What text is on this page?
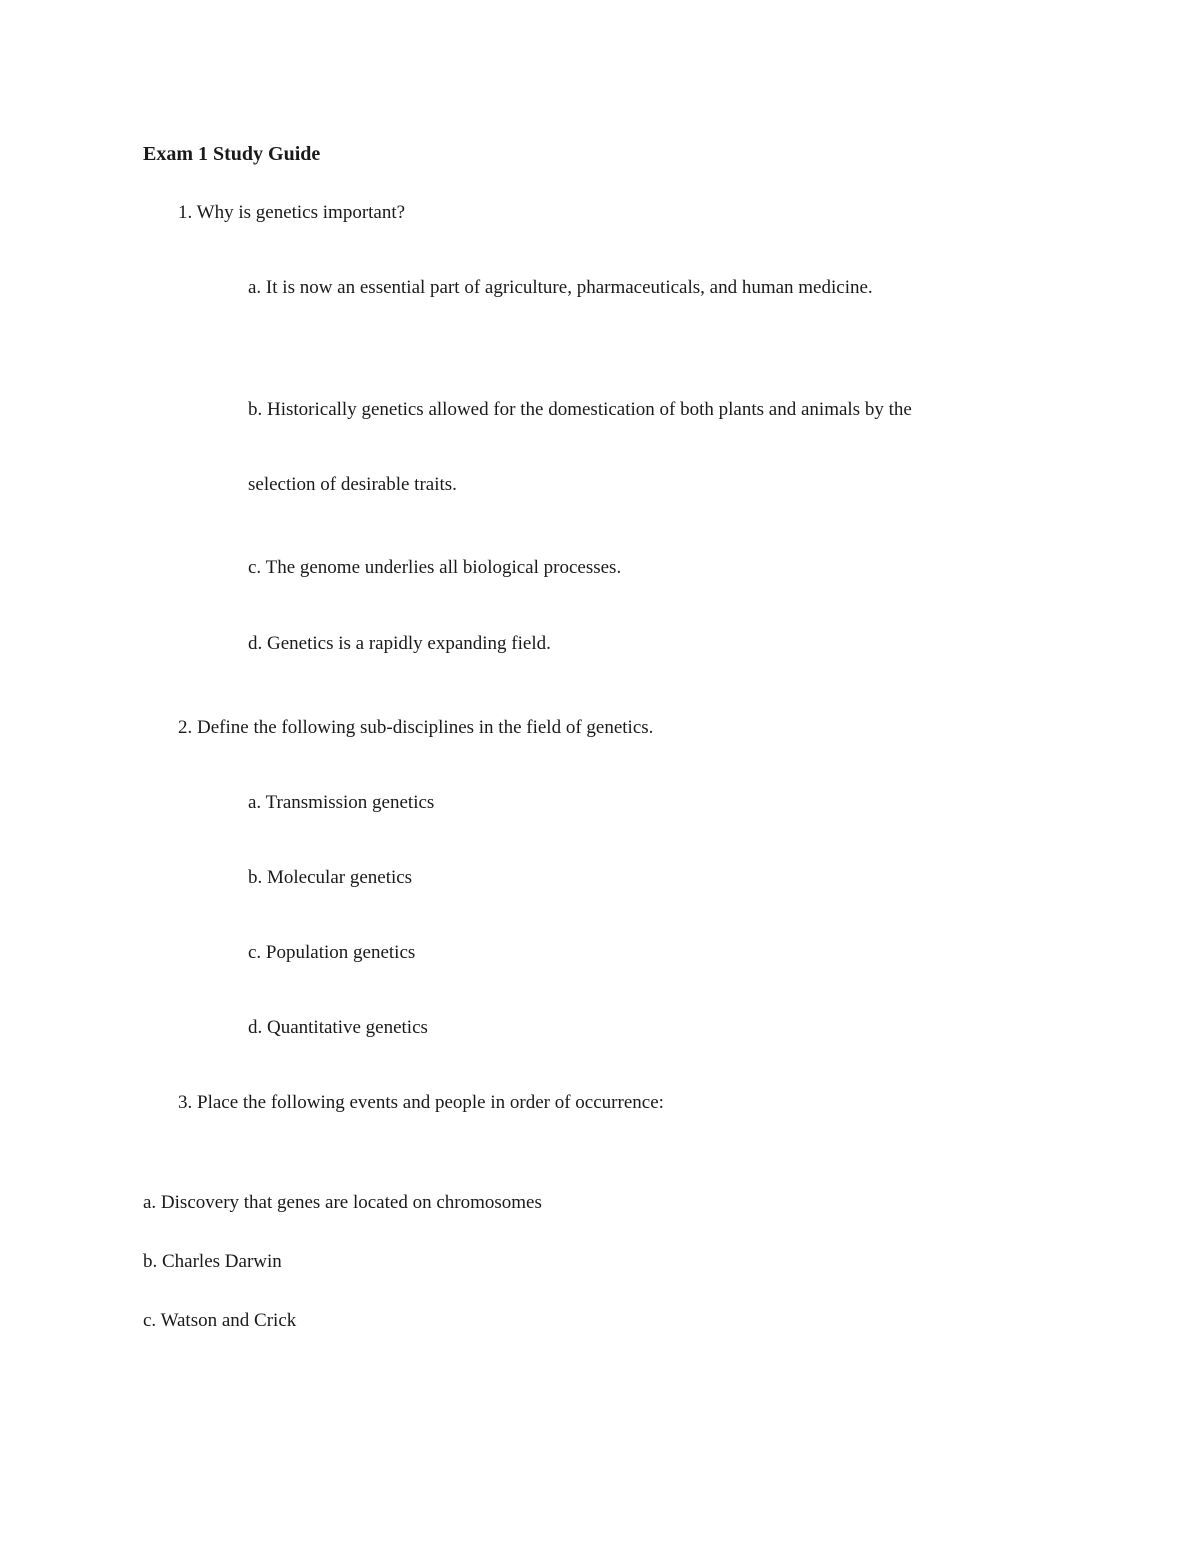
Exam 1 Study Guide
1. Why is genetics important?
a. It is now an essential part of agriculture, pharmaceuticals, and human medicine.
b. Historically genetics allowed for the domestication of both plants and animals by the
selection of desirable traits.
c. The genome underlies all biological processes.
d. Genetics is a rapidly expanding field.
2. Define the following sub-disciplines in the field of genetics.
a. Transmission genetics
b. Molecular genetics
c. Population genetics
d. Quantitative genetics
3. Place the following events and people in order of occurrence:
a. Discovery that genes are located on chromosomes
b. Charles Darwin
c. Watson and Crick
